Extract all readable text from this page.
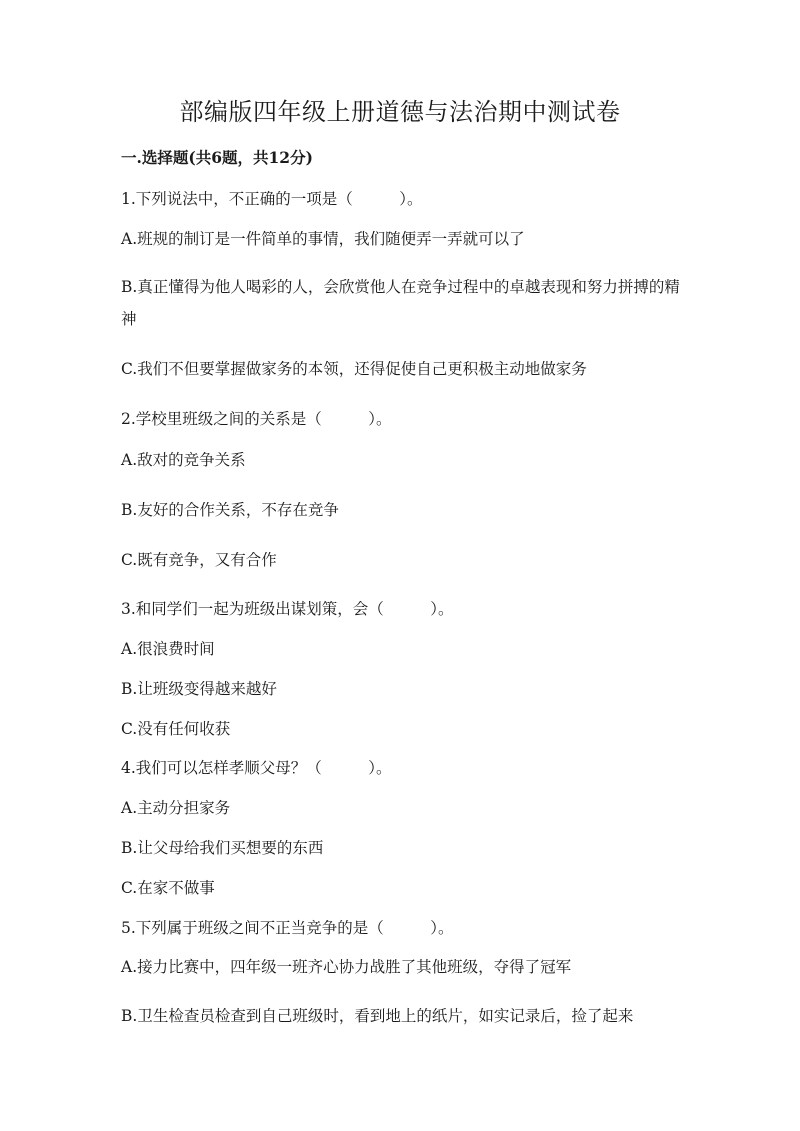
部编版四年级上册道德与法治期中测试卷

一.选择题(共6题，共12分)

1.下列说法中，不正确的一项是（　　　）。

A.班规的制订是一件简单的事情，我们随便弄一弄就可以了

B.真正懂得为他人喝彩的人，会欣赏他人在竞争过程中的卓越表现和努力拼搏的精神

C.我们不但要掌握做家务的本领，还得促使自己更积极主动地做家务

2.学校里班级之间的关系是（　　　）。

A.敌对的竞争关系

B.友好的合作关系，不存在竞争

C.既有竞争，又有合作

3.和同学们一起为班级出谋划策，会（　　　）。

A.很浪费时间

B.让班级变得越来越好

C.没有任何收获

4.我们可以怎样孝顺父母？（　　　）。

A.主动分担家务

B.让父母给我们买想要的东西

C.在家不做事

5.下列属于班级之间不正当竞争的是（　　　）。

A.接力比赛中，四年级一班齐心协力战胜了其他班级，夺得了冠军

B.卫生检查员检查到自己班级时，看到地上的纸片，如实记录后，捡了起来
